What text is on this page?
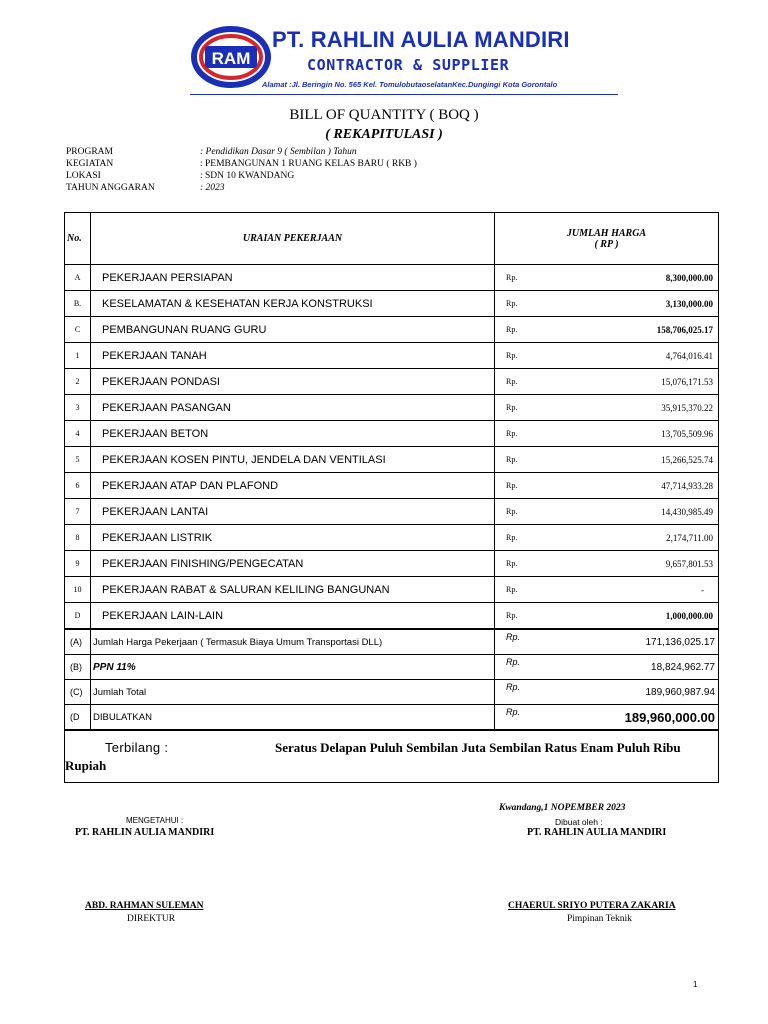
RAM
PT. RAHLIN AULIA MANDIRI
CONTRACTOR & SUPPLIER
Alamat :Jl. Beringin No. 565 Kel. TomulobutaoselatanKec.Dungingi Kota Gorontalo
BILL OF QUANTITY ( BOQ )
( REKAPITULASI )
PROGRAM	: Pendidikan Dasar 9 ( Sembilan ) Tahun
KEGIATAN	: PEMBANGUNAN 1 RUANG KELAS BARU ( RKB )
LOKASI	: SDN 10 KWANDANG
TAHUN ANGGARAN	: 2023
No.	URAIAN PEKERJAAN	JUMLAH HARGA
( RP )	

A	PEKERJAAN PERSIAPAN	Rp.	8,300,000.00
B.	KESELAMATAN & KESEHATAN KERJA KONSTRUKSI	Rp.	3,130,000.00
C	PEMBANGUNAN RUANG GURU	Rp.	158,706,025.17
1	PEKERJAAN TANAH	Rp.	4,764,016.41
2	PEKERJAAN PONDASI	Rp.	15,076,171.53
3	PEKERJAAN PASANGAN	Rp.	35,915,370.22
4	PEKERJAAN BETON	Rp.	13,705,509.96
5	PEKERJAAN KOSEN PINTU, JENDELA DAN VENTILASI	Rp.	15,266,525.74
6	PEKERJAAN ATAP DAN PLAFOND	Rp.	47,714,933.28
7	PEKERJAAN LANTAI	Rp.	14,430,985.49
8	PEKERJAAN LISTRIK	Rp.	2,174,711.00
9	PEKERJAAN FINISHING/PENGECATAN	Rp.	9,657,801.53
10	PEKERJAAN RABAT & SALURAN KELILING BANGUNAN	Rp.	-
D	PEKERJAAN LAIN-LAIN	Rp.	1,000,000.00
(A)	Jumlah Harga Pekerjaan ( Termasuk Biaya Umum Transportasi DLL)	Rp.	171,136,025.17
(B)	PPN 11%	Rp.	18,824,962.77
(C)	Jumlah Total	Rp.	189,960,987.94
(D	DIBULATKAN	Rp.	189,960,000.00
Terbilang : Seratus Delapan Puluh Sembilan Juta Sembilan Ratus Enam Puluh Ribu Rupiah			
Kwandang,1 NOPEMBER 2023
MENGETAHUI :	Dibuat oleh :
PT. RAHLIN AULIA MANDIRI	PT. RAHLIN AULIA MANDIRI
ABD. RAHMAN SULEMAN	CHAERUL SRIYO PUTERA ZAKARIA
DIREKTUR	Pimpinan Teknik
1
